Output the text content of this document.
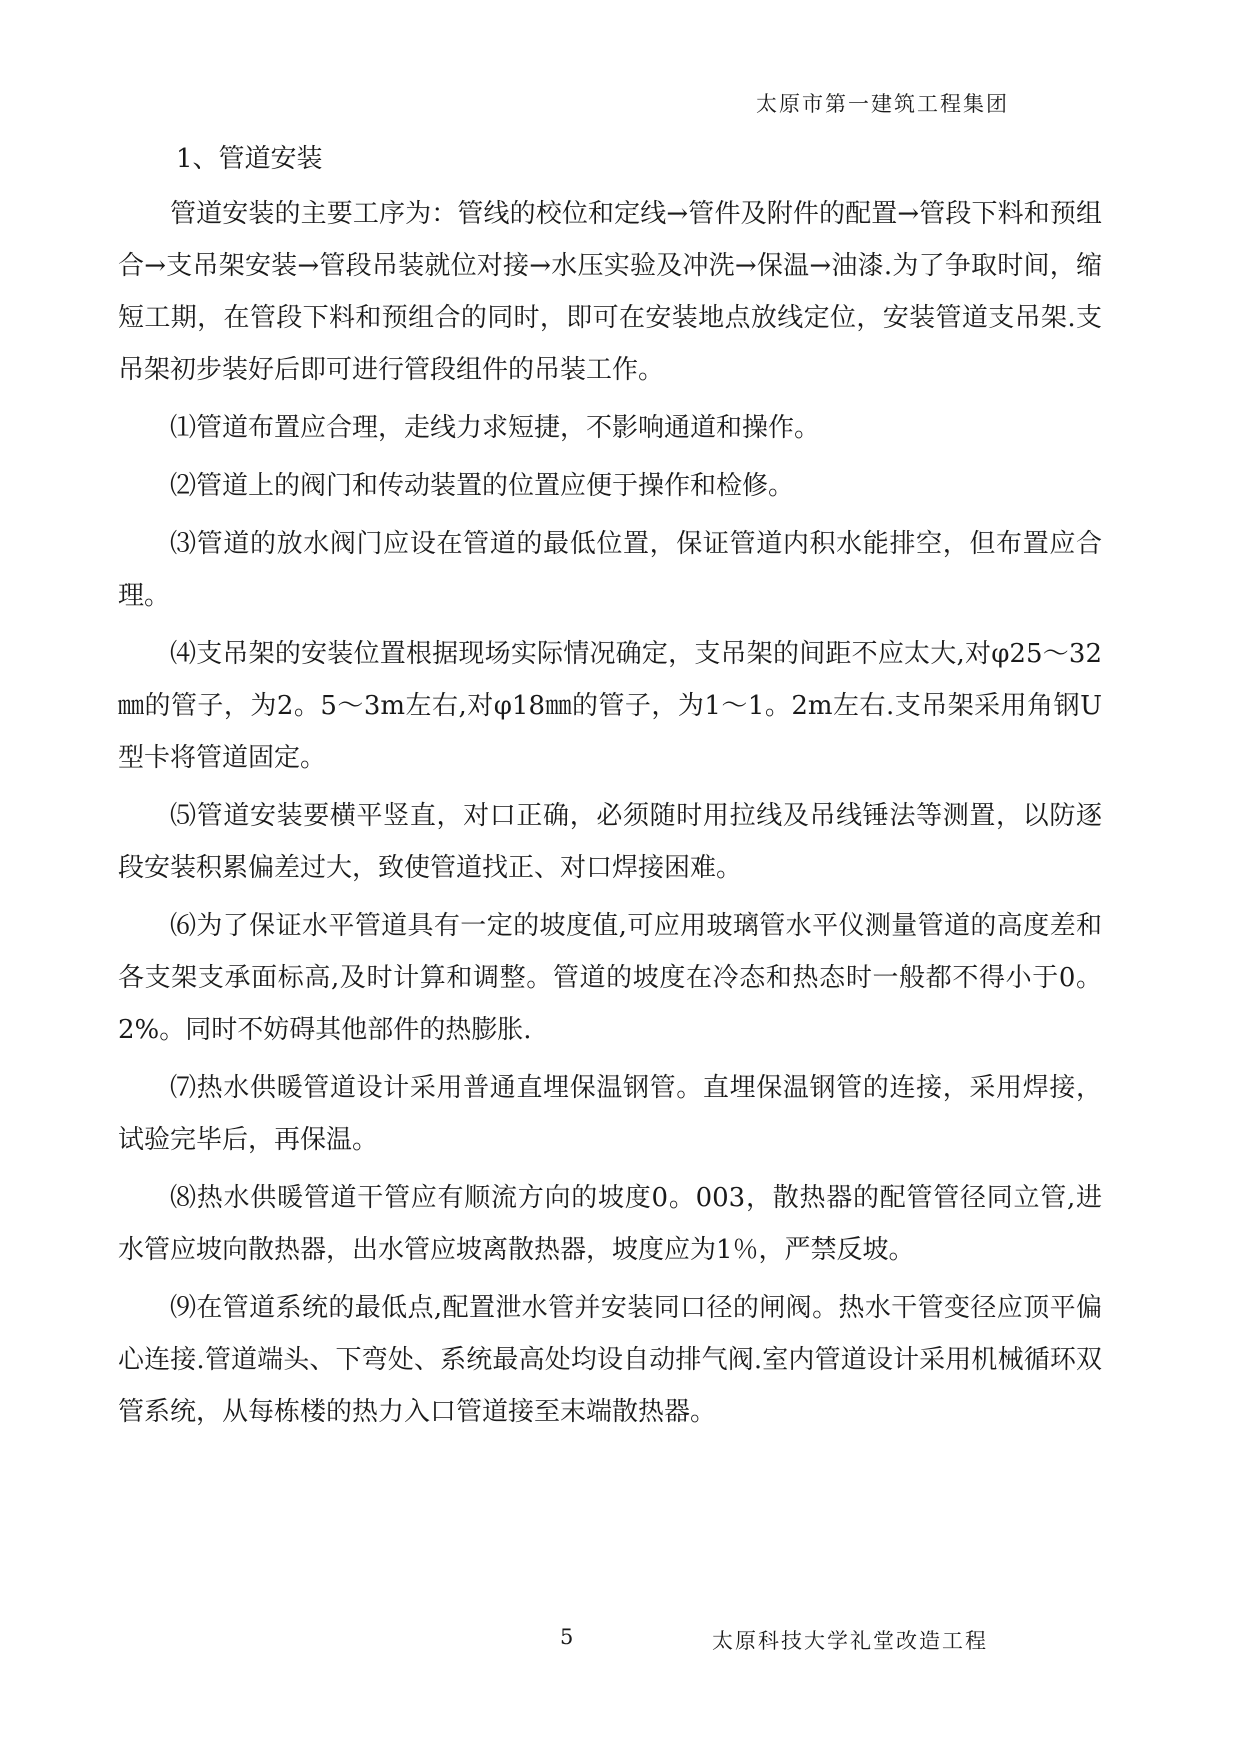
太原市第一建筑工程集团
1、管道安装

管道安装的主要工序为：管线的校位和定线→管件及附件的配置→管段下料和预组合→支吊架安装→管段吊装就位对接→水压实验及冲洗→保温→油漆.为了争取时间，缩短工期，在管段下料和预组合的同时，即可在安装地点放线定位，安装管道支吊架.支吊架初步装好后即可进行管段组件的吊装工作。

⑴管道布置应合理，走线力求短捷，不影响通道和操作。

⑵管道上的阀门和传动装置的位置应便于操作和检修。

⑶管道的放水阀门应设在管道的最低位置，保证管道内积水能排空，但布置应合理。

⑷支吊架的安装位置根据现场实际情况确定，支吊架的间距不应太大,对φ25～32㎜的管子，为2。5～3m左右,对φ18㎜的管子，为1～1。2m左右.支吊架采用角钢U型卡将管道固定。

⑸管道安装要横平竖直，对口正确，必须随时用拉线及吊线锤法等测置，以防逐段安装积累偏差过大，致使管道找正、对口焊接困难。

⑹为了保证水平管道具有一定的坡度值,可应用玻璃管水平仪测量管道的高度差和各支架支承面标高,及时计算和调整。管道的坡度在冷态和热态时一般都不得小于0。2%。同时不妨碍其他部件的热膨胀.

⑺热水供暖管道设计采用普通直埋保温钢管。直埋保温钢管的连接，采用焊接，试验完毕后，再保温。

⑻热水供暖管道干管应有顺流方向的坡度0。003，散热器的配管管径同立管,进水管应坡向散热器，出水管应坡离散热器，坡度应为1％，严禁反坡。

⑼在管道系统的最低点,配置泄水管并安装同口径的闸阀。热水干管变径应顶平偏心连接.管道端头、下弯处、系统最高处均设自动排气阀.室内管道设计采用机械循环双管系统，从每栋楼的热力入口管道接至末端散热器。

5	太原科技大学礼堂改造工程
